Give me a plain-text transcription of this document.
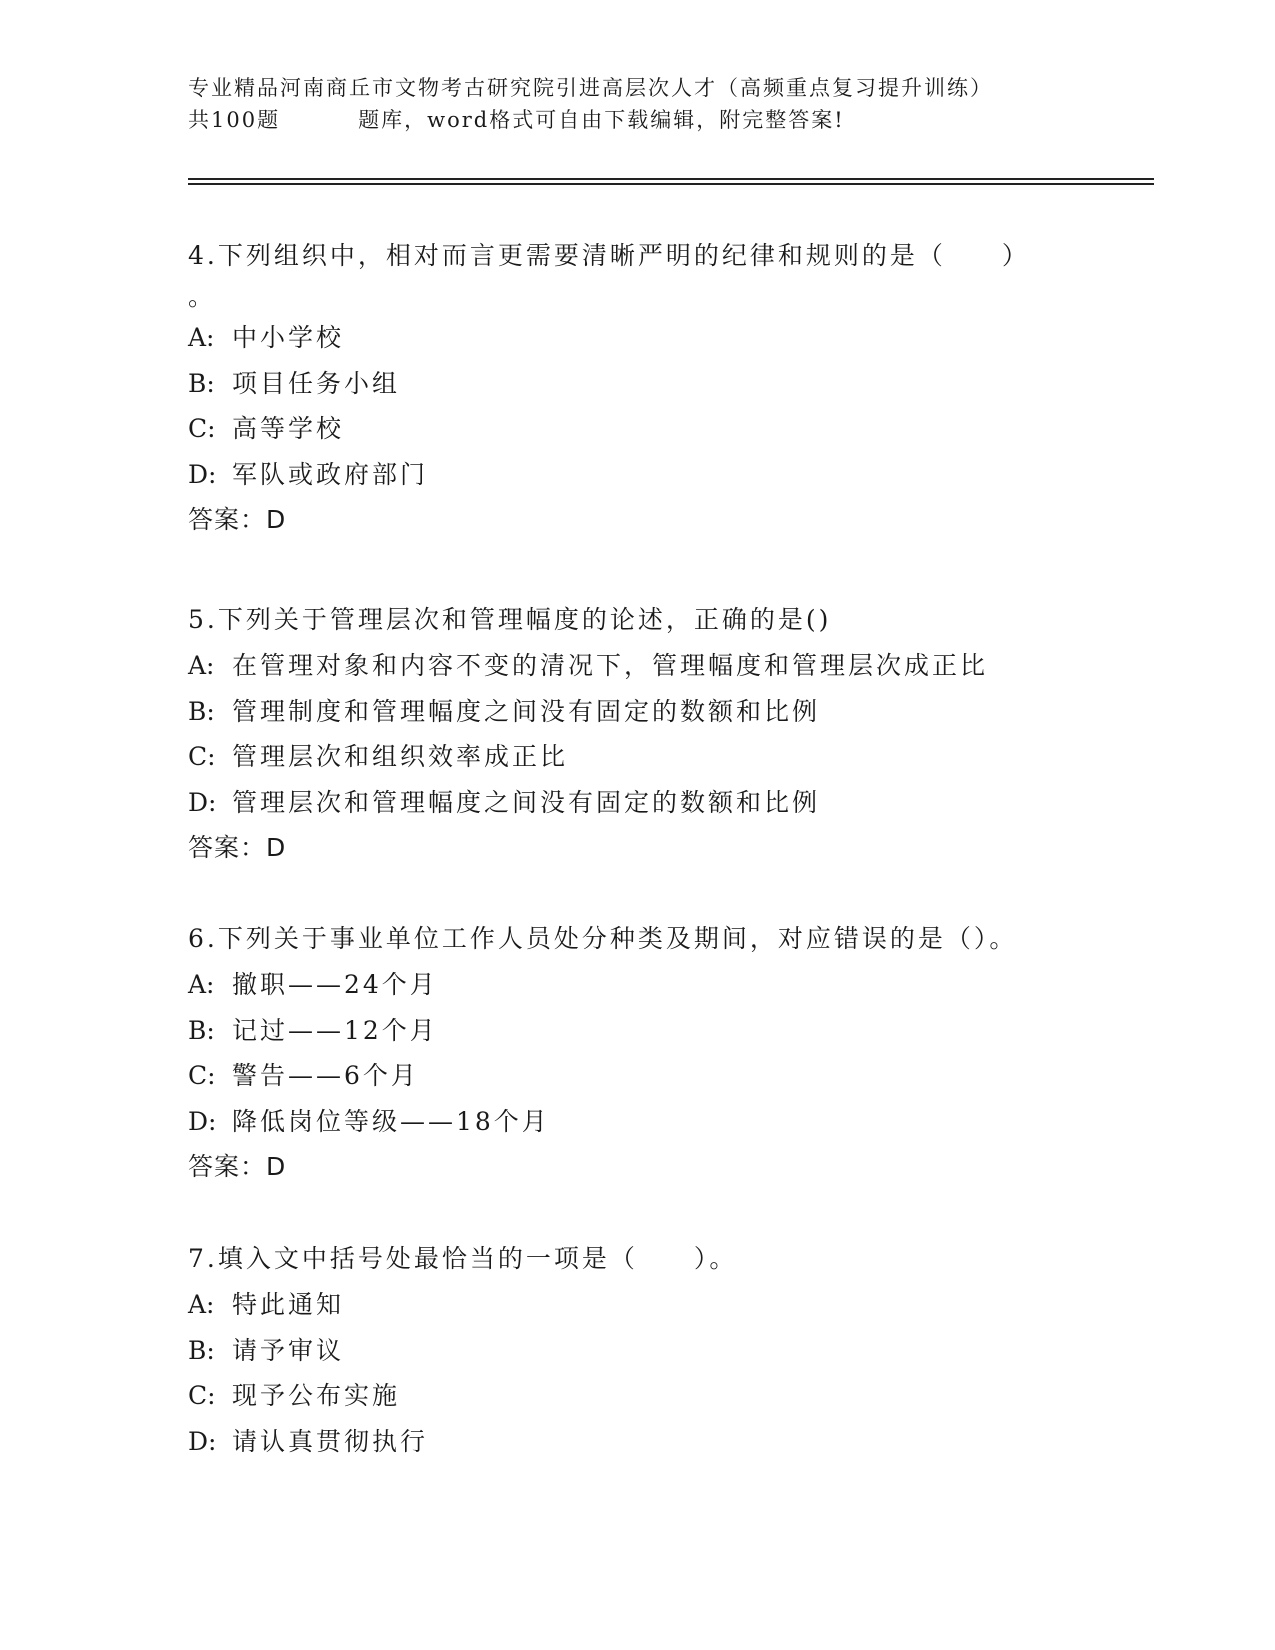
专业精品河南商丘市文物考古研究院引进高层次人才（高频重点复习提升训练）
共100题	题库，word格式可自由下载编辑，附完整答案!
4.下列组织中，相对而言更需要清晰严明的纪律和规则的是（　　）
。
A: 中小学校
B: 项目任务小组
C: 高等学校
D: 军队或政府部门
答案：D
5.下列关于管理层次和管理幅度的论述，正确的是()
A: 在管理对象和内容不变的清况下，管理幅度和管理层次成正比
B: 管理制度和管理幅度之间没有固定的数额和比例
C: 管理层次和组织效率成正比
D: 管理层次和管理幅度之间没有固定的数额和比例
答案：D
6.下列关于事业单位工作人员处分种类及期间，对应错误的是（）。
A: 撤职——24个月
B: 记过——12个月
C: 警告——6个月
D: 降低岗位等级——18个月
答案：D
7.填入文中括号处最恰当的一项是（　　）。
A: 特此通知
B: 请予审议
C: 现予公布实施
D: 请认真贯彻执行
